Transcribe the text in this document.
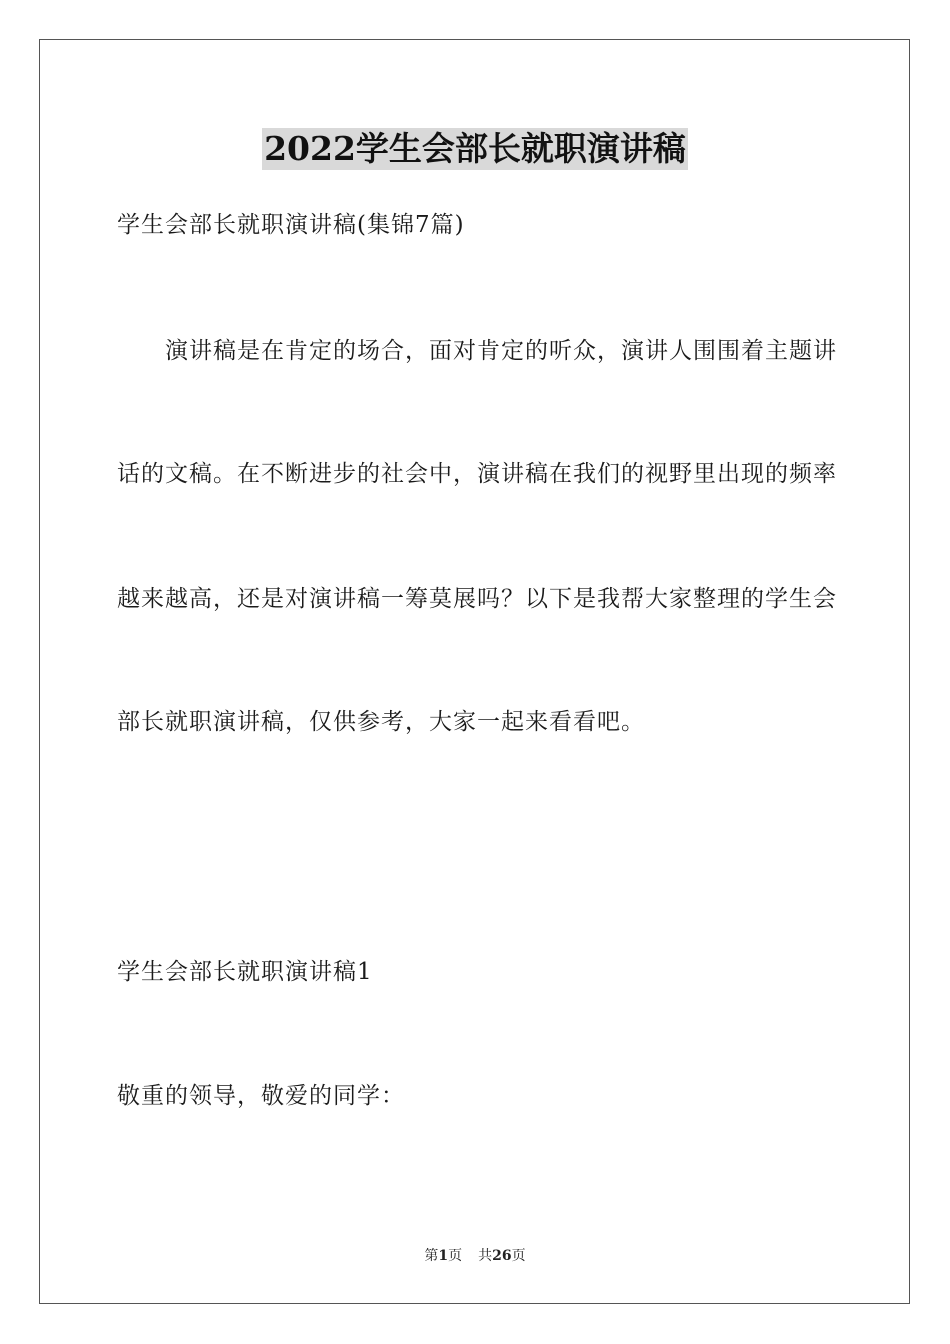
2022学生会部长就职演讲稿
学生会部长就职演讲稿(集锦7篇)
演讲稿是在肯定的场合，面对肯定的听众，演讲人围围着主题讲
话的文稿。在不断进步的社会中，演讲稿在我们的视野里出现的频率
越来越高，还是对演讲稿一筹莫展吗？以下是我帮大家整理的学生会
部长就职演讲稿，仅供参考，大家一起来看看吧。
学生会部长就职演讲稿1
敬重的领导，敬爱的同学：
第1页 共26页
